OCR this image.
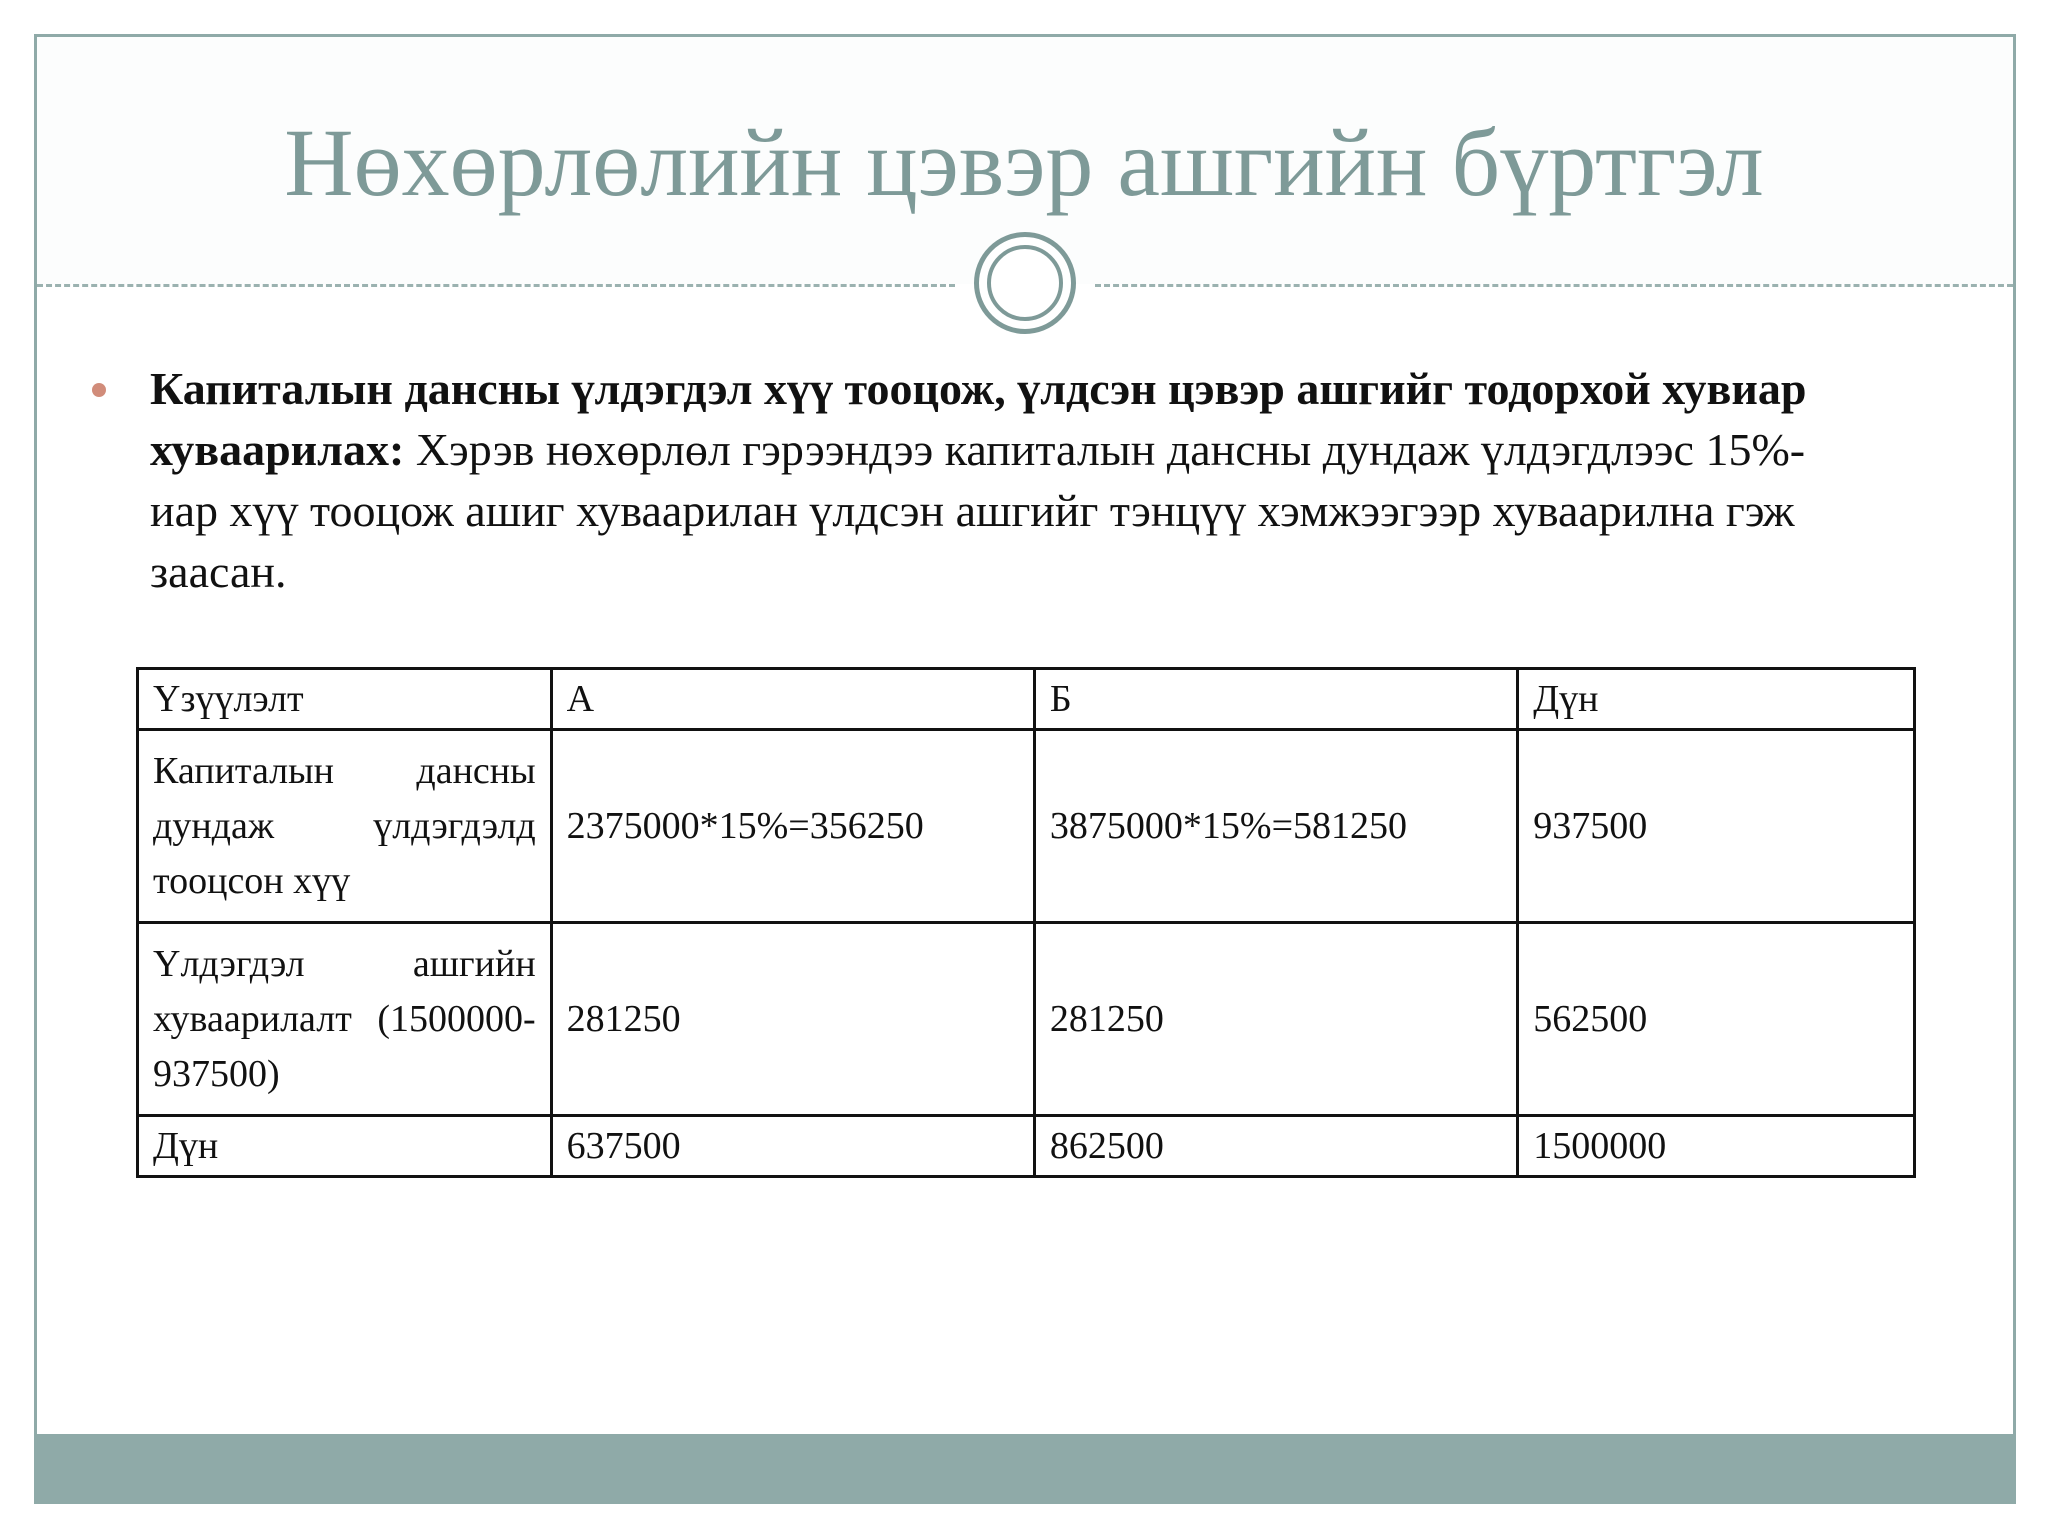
Нөхөрлөлийн цэвэр ашгийн бүртгэл

Капиталын дансны үлдэгдэл хүү тооцож, үлдсэн цэвэр ашгийг тодорхой хувиар хуваарилах: Хэрэв нөхөрлөл гэрээндээ капиталын дансны дундаж үлдэгдлээс 15%-иар хүү тооцож ашиг хуваарилан үлдсэн ашгийг тэнцүү хэмжээгээр хуваарилна гэж заасан.

Үзүүлэлт	А	Б	Дүн
Капиталын дансны дундаж үлдэгдэлд тооцсон хүү	2375000*15%=356250	3875000*15%=581250	937500
Үлдэгдэл ашгийн хуваарилалт (1500000-937500)	281250	281250	562500
Дүн	637500	862500	1500000
